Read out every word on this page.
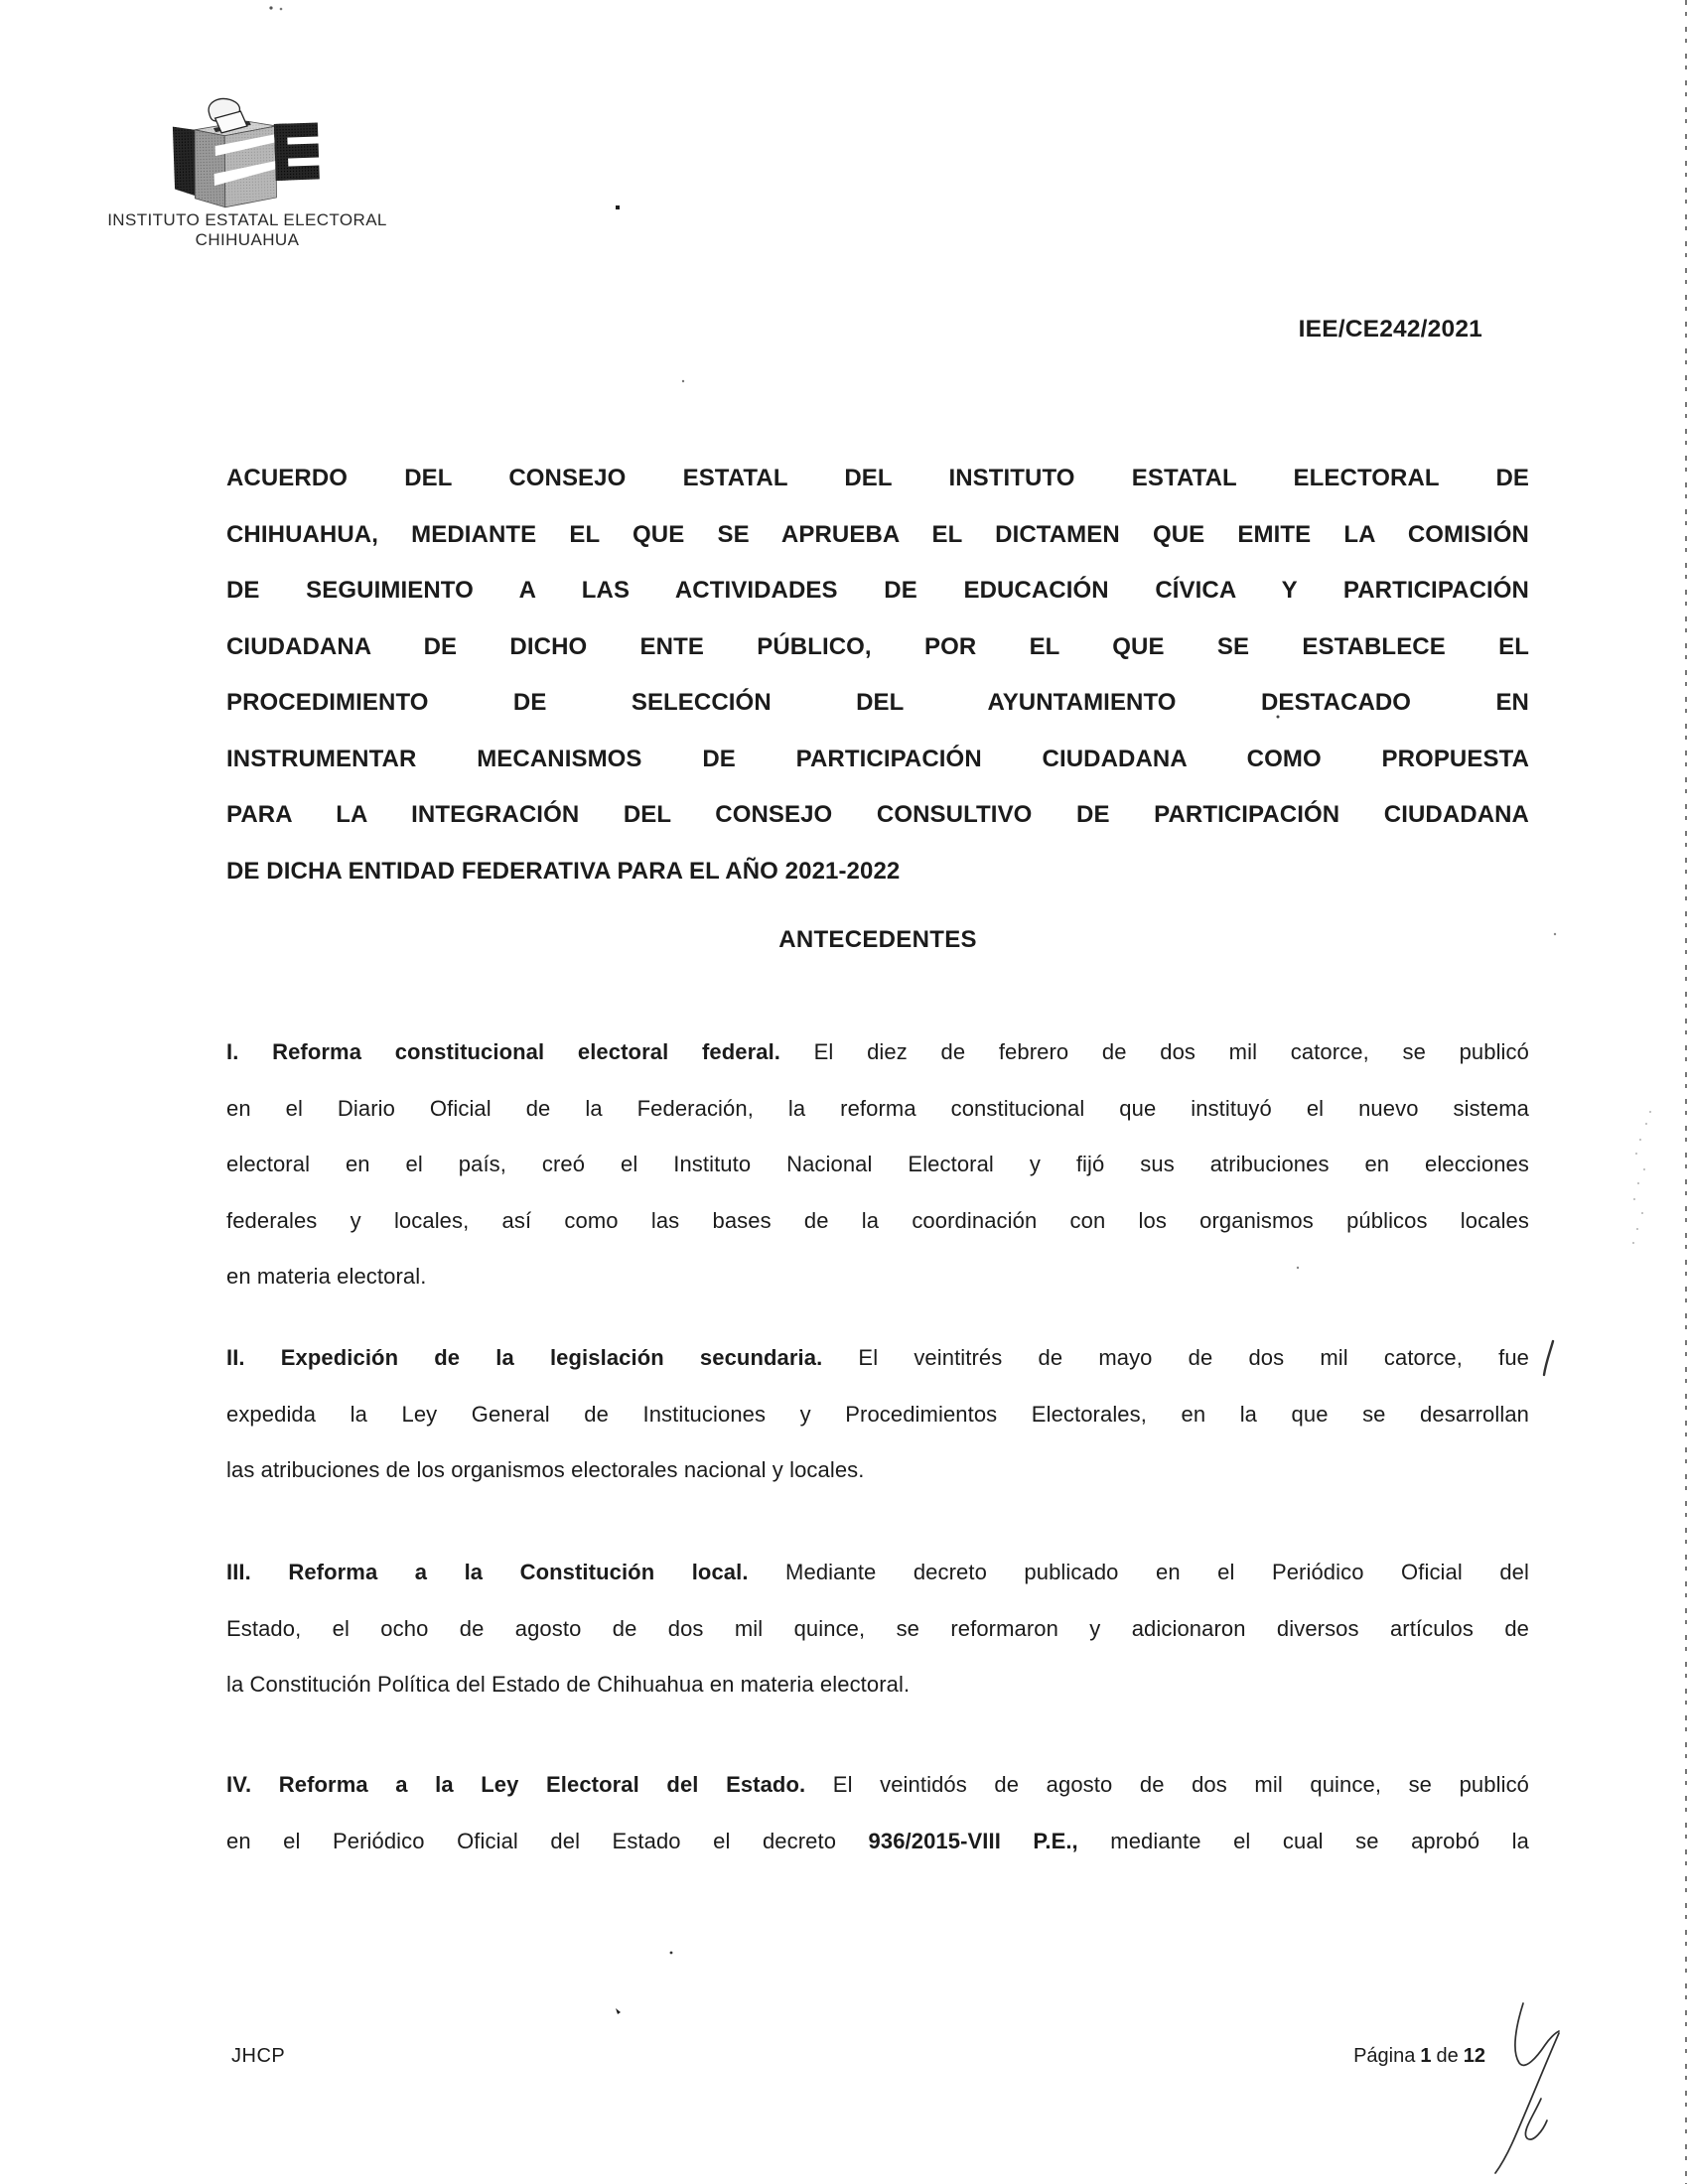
INSTITUTO ESTATAL ELECTORAL
CHIHUAHUA
IEE/CE242/2021
ACUERDO DEL CONSEJO ESTATAL DEL INSTITUTO ESTATAL ELECTORAL DE
CHIHUAHUA, MEDIANTE EL QUE SE APRUEBA EL DICTAMEN QUE EMITE LA COMISIÓN
DE SEGUIMIENTO A LAS ACTIVIDADES DE EDUCACIÓN CÍVICA Y PARTICIPACIÓN
CIUDADANA DE DICHO ENTE PÚBLICO, POR EL QUE SE ESTABLECE EL
PROCEDIMIENTO DE SELECCIÓN DEL AYUNTAMIENTO DESTACADO EN
INSTRUMENTAR MECANISMOS DE PARTICIPACIÓN CIUDADANA COMO PROPUESTA
PARA LA INTEGRACIÓN DEL CONSEJO CONSULTIVO DE PARTICIPACIÓN CIUDADANA
DE DICHA ENTIDAD FEDERATIVA PARA EL AÑO 2021-2022
ANTECEDENTES
I. Reforma constitucional electoral federal. El diez de febrero de dos mil catorce, se publicó
en el Diario Oficial de la Federación, la reforma constitucional que instituyó el nuevo sistema
electoral en el país, creó el Instituto Nacional Electoral y fijó sus atribuciones en elecciones
federales y locales, así como las bases de la coordinación con los organismos públicos locales
en materia electoral.
II. Expedición de la legislación secundaria. El veintitrés de mayo de dos mil catorce, fue
expedida la Ley General de Instituciones y Procedimientos Electorales, en la que se desarrollan
las atribuciones de los organismos electorales nacional y locales.
III. Reforma a la Constitución local. Mediante decreto publicado en el Periódico Oficial del
Estado, el ocho de agosto de dos mil quince, se reformaron y adicionaron diversos artículos de
la Constitución Política del Estado de Chihuahua en materia electoral.
IV. Reforma a la Ley Electoral del Estado. El veintidós de agosto de dos mil quince, se publicó
en el Periódico Oficial del Estado el decreto 936/2015-VIII P.E., mediante el cual se aprobó la
JHCP	Página 1 de 12
